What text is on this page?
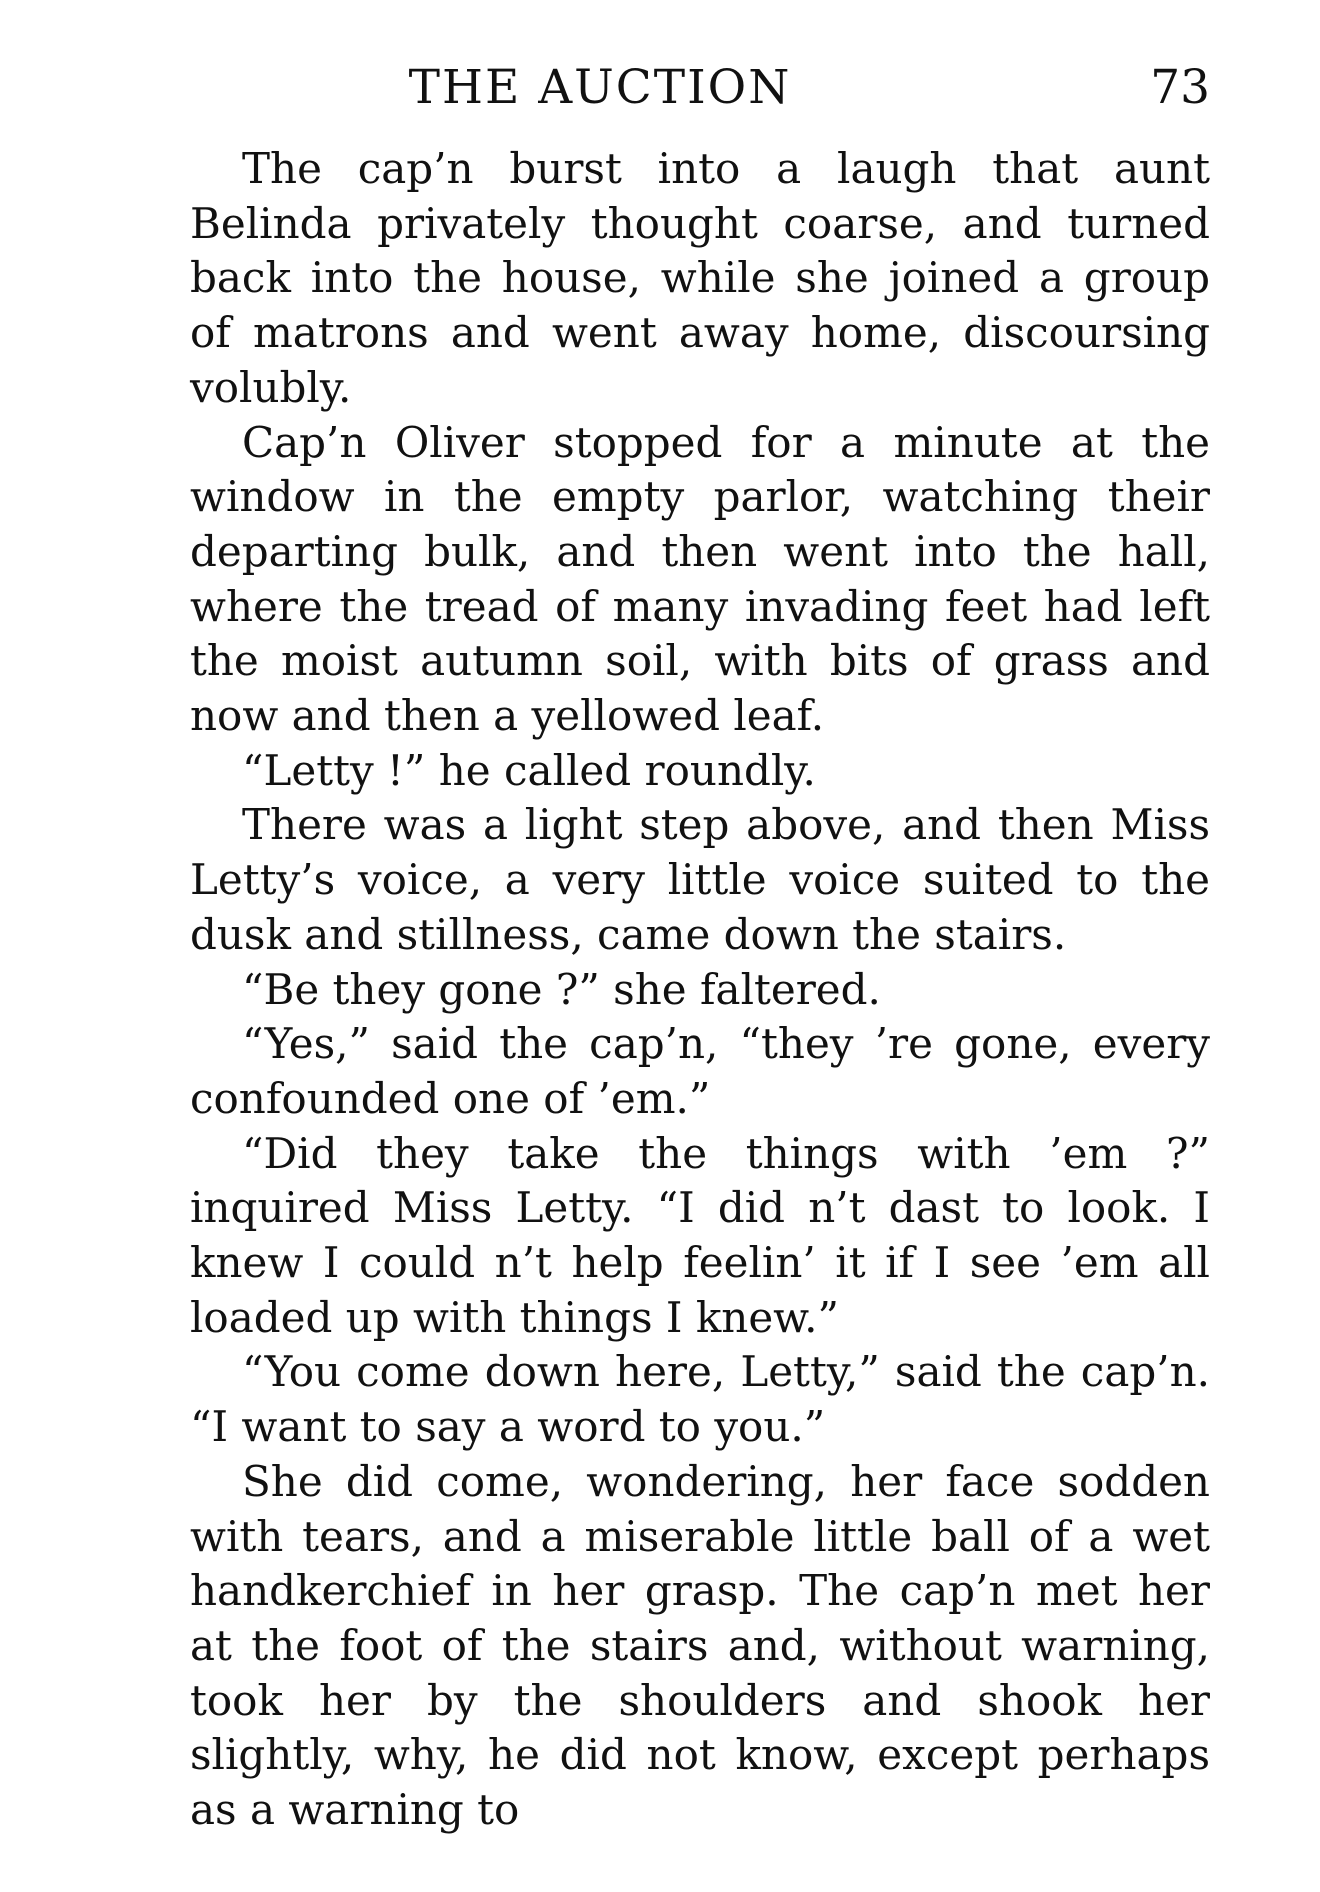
THE AUCTION	73

The cap’n burst into a laugh that aunt Belinda privately thought coarse, and turned back into the house, while she joined a group of matrons and went away home, discoursing volubly.

Cap’n Oliver stopped for a minute at the window in the empty parlor, watching their departing bulk, and then went into the hall, where the tread of many invading feet had left the moist autumn soil, with bits of grass and now and then a yellowed leaf.

“Letty !” he called roundly.

There was a light step above, and then Miss Letty’s voice, a very little voice suited to the dusk and stillness, came down the stairs.

“Be they gone ?” she faltered.

“Yes,” said the cap’n, “they ’re gone, every confounded one of ’em.”

“Did they take the things with ’em ?” inquired Miss Letty. “I did n’t dast to look. I knew I could n’t help feelin’ it if I see ’em all loaded up with things I knew.”

“You come down here, Letty,” said the cap’n. “I want to say a word to you.”

She did come, wondering, her face sodden with tears, and a miserable little ball of a wet handkerchief in her grasp. The cap’n met her at the foot of the stairs and, without warning, took her by the shoulders and shook her slightly, why, he did not know, except perhaps as a warning to
